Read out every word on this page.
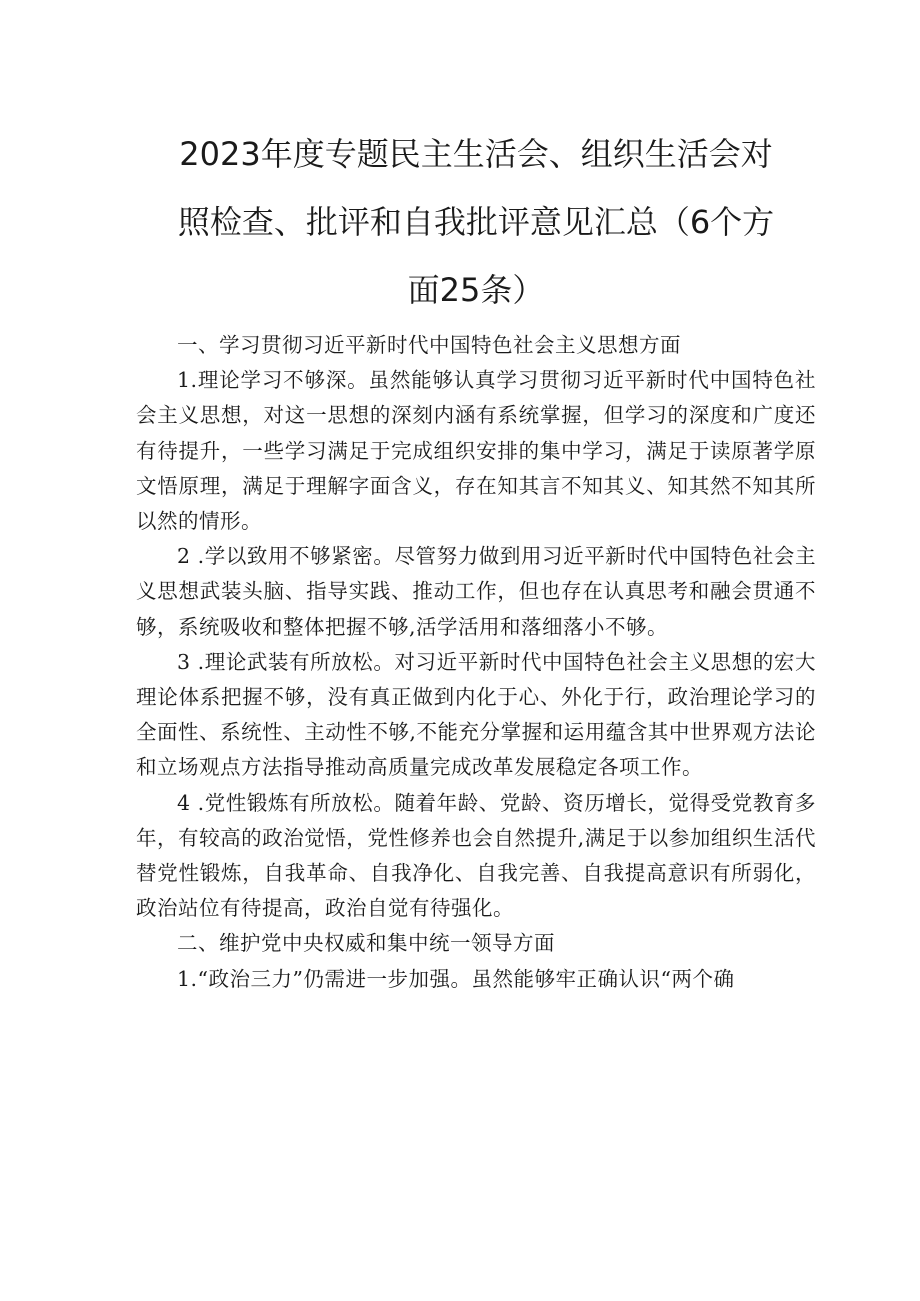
2023年度专题民主生活会、组织生活会对
照检查、批评和自我批评意见汇总（6个方
面25条）

一、学习贯彻习近平新时代中国特色社会主义思想方面

1.理论学习不够深。虽然能够认真学习贯彻习近平新时代中国特色社会主义思想，对这一思想的深刻内涵有系统掌握，但学习的深度和广度还有待提升，一些学习满足于完成组织安排的集中学习，满足于读原著学原文悟原理，满足于理解字面含义，存在知其言不知其义、知其然不知其所以然的情形。

2 .学以致用不够紧密。尽管努力做到用习近平新时代中国特色社会主义思想武装头脑、指导实践、推动工作，但也存在认真思考和融会贯通不够，系统吸收和整体把握不够,活学活用和落细落小不够。

3 .理论武装有所放松。对习近平新时代中国特色社会主义思想的宏大理论体系把握不够，没有真正做到内化于心、外化于行，政治理论学习的全面性、系统性、主动性不够,不能充分掌握和运用蕴含其中世界观方法论和立场观点方法指导推动高质量完成改革发展稳定各项工作。

4 .党性锻炼有所放松。随着年龄、党龄、资历增长，觉得受党教育多年，有较高的政治觉悟，党性修养也会自然提升,满足于以参加组织生活代替党性锻炼，自我革命、自我净化、自我完善、自我提高意识有所弱化，政治站位有待提高，政治自觉有待强化。

二、维护党中央权威和集中统一领导方面

1.“政治三力”仍需进一步加强。虽然能够牢正确认识“两个确
